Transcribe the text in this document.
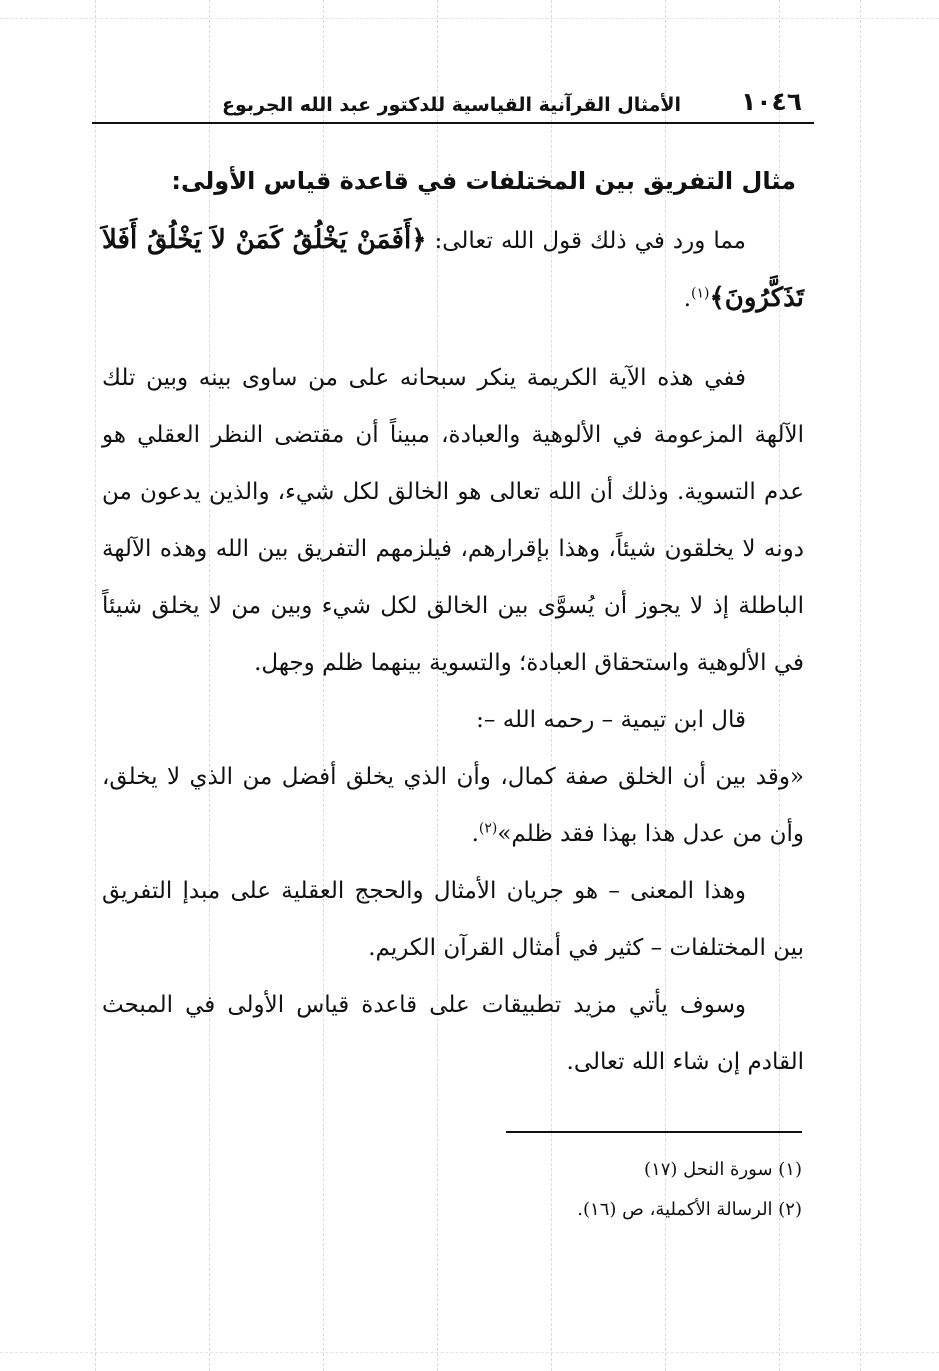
١٠٤٦
الأمثال القرآنية القياسية للدكتور عبد الله الجربوع
مثال التفريق بين المختلفات في قاعدة قياس الأولى:

مما ورد في ذلك قول الله تعالى: ﴿أَفَمَنْ يَخْلُقُ كَمَنْ لاَ يَخْلُقُ أَفَلاَ تَذَكَّرُونَ﴾$^{(١)}$.

ففي هذه الآية الكريمة ينكر سبحانه على من ساوى بينه وبين تلك الآلهة المزعومة في الألوهية والعبادة، مبيناً أن مقتضى النظر العقلي هو عدم التسوية. وذلك أن الله تعالى هو الخالق لكل شيء، والذين يدعون من دونه لا يخلقون شيئاً، وهذا بإقرارهم، فيلزمهم التفريق بين الله وهذه الآلهة الباطلة إذ لا يجوز أن يُسوَّى بين الخالق لكل شيء وبين من لا يخلق شيئاً في الألوهية واستحقاق العبادة؛ والتسوية بينهما ظلم وجهل.

قال ابن تيمية – رحمه الله –:

«وقد بين أن الخلق صفة كمال، وأن الذي يخلق أفضل من الذي لا يخلق، وأن من عدل هذا بهذا فقد ظلم»$^{(٢)}$.

وهذا المعنى – هو جريان الأمثال والحجج العقلية على مبدإ التفريق بين المختلفات – كثير في أمثال القرآن الكريم.

وسوف يأتي مزيد تطبيقات على قاعدة قياس الأولى في المبحث القادم إن شاء الله تعالى.

(١) سورة النحل (١٧)

(٢) الرسالة الأكملية، ص (١٦).
